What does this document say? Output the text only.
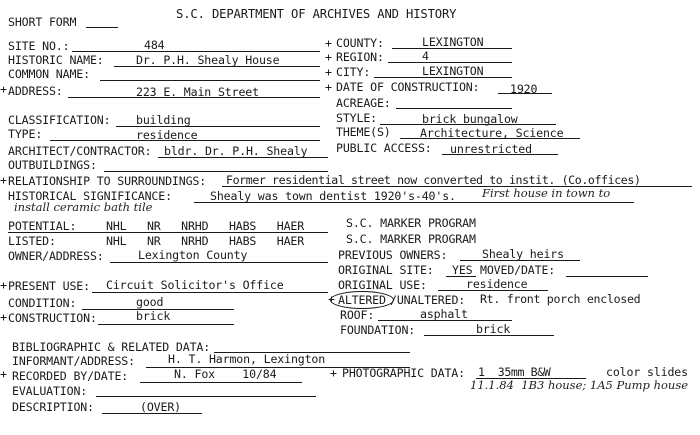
SHORT FORM
S.C. DEPARTMENT OF ARCHIVES AND HISTORY
SITE NO.:	484	+ COUNTY:	LEXINGTON
HISTORIC NAME:	Dr. P.H. Shealy House	+ REGION:	4
COMMON NAME:	+ CITY:	LEXINGTON
+ ADDRESS:	223 E. Main Street	+ DATE OF CONSTRUCTION:	1920
ACREAGE:
CLASSIFICATION: building	STYLE:	brick bungalow
TYPE:	residence	THEME(S)	Architecture, Science
ARCHITECT/CONTRACTOR: bldr. Dr. P.H. Shealy PUBLIC ACCESS: unrestricted
OUTBUILDINGS:
+ RELATIONSHIP TO SURROUNDINGS: Former residential street now converted to instit. (Co.offices)
HISTORICAL SIGNIFICANCE:	Shealy was town dentist 1920's-40's. First house in town to
install ceramic bath tile
POTENTIAL:	NHL   NR   NRHD   HABS   HAER	S.C. MARKER PROGRAM
LISTED:	NHL   NR   NRHD   HABS   HAER	S.C. MARKER PROGRAM
OWNER/ADDRESS:	Lexington County	PREVIOUS OWNERS:	Shealy heirs
ORIGINAL SITE: YES MOVED/DATE:
+ PRESENT USE: Circuit Solicitor's Office	ORIGINAL USE:	residence
CONDITION:	good	+ ALTERED /UNALTERED: Rt. front porch enclosed
+ CONSTRUCTION:	brick	ROOF:	asphalt
FOUNDATION:	brick
BIBLIOGRAPHIC & RELATED DATA:
INFORMANT/ADDRESS:	H. T. Harmon, Lexington
+ RECORDED BY/DATE:	N. Fox    10/84	+ PHOTOGRAPHIC DATA: 1  35mm B&W	color slides
11.1.84  1B3 house; 1A5 Pump house
EVALUATION:
DESCRIPTION:	(OVER)
